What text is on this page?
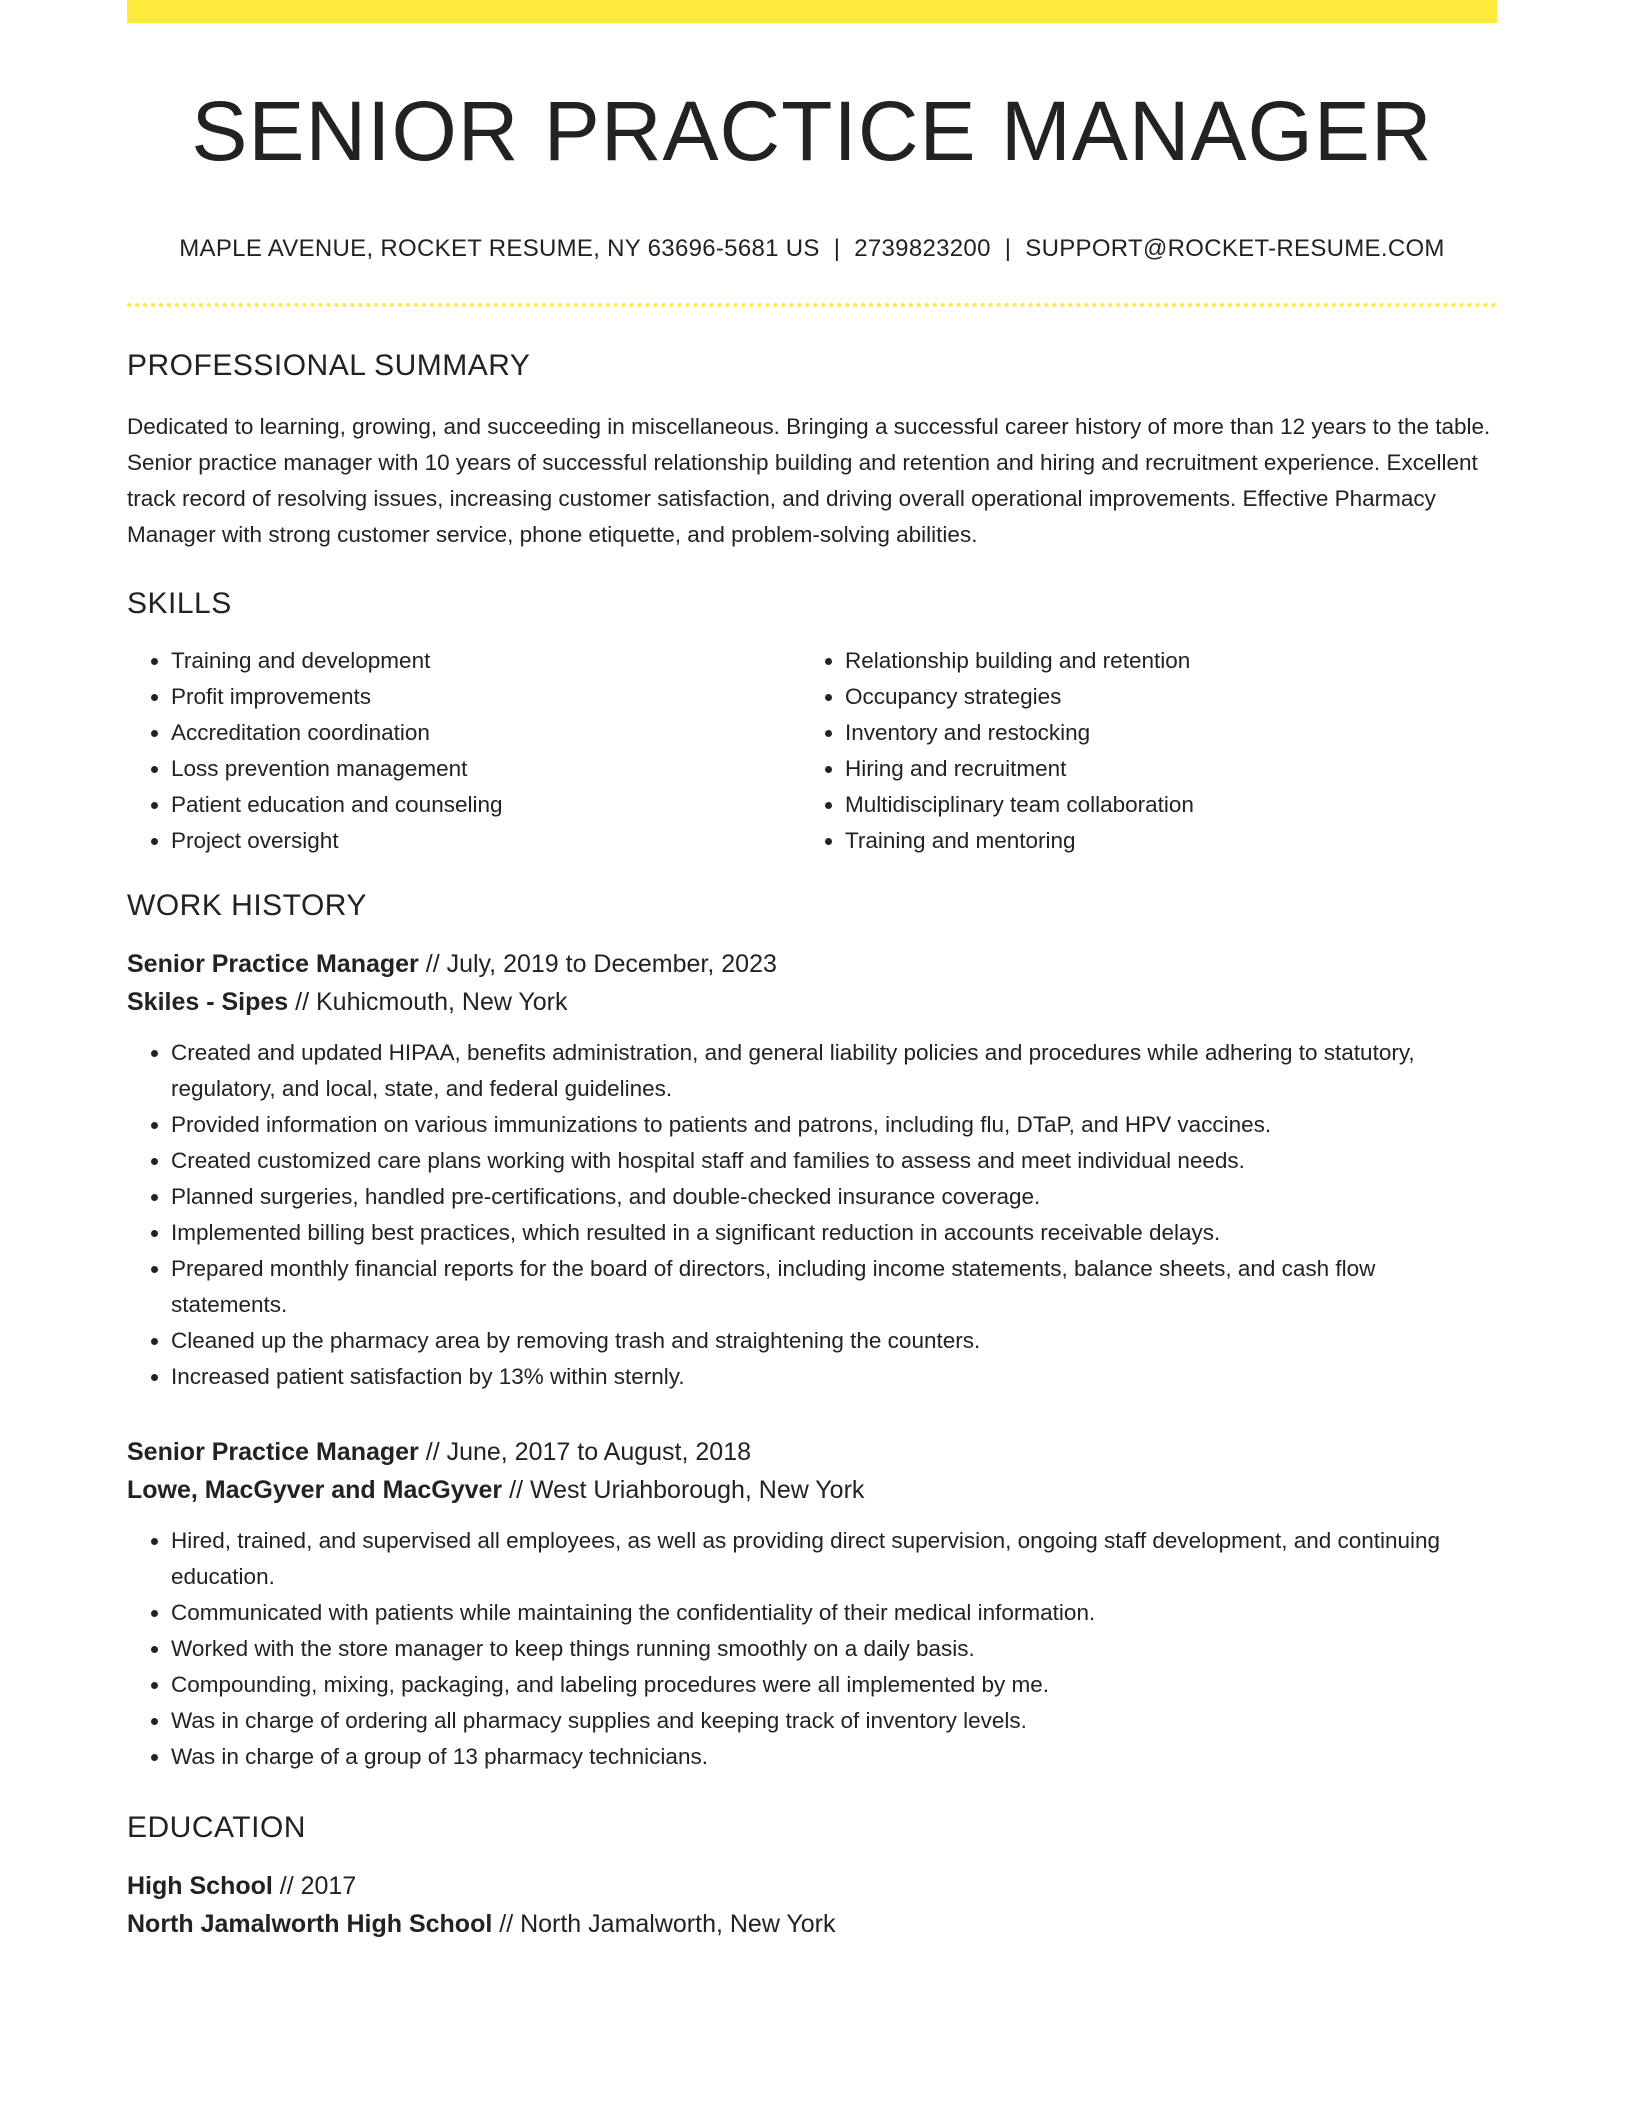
SENIOR PRACTICE MANAGER
MAPLE AVENUE, ROCKET RESUME, NY 63696-5681 US | 2739823200 | SUPPORT@ROCKET-RESUME.COM
PROFESSIONAL SUMMARY

Dedicated to learning, growing, and succeeding in miscellaneous. Bringing a successful career history of more than 12 years to the table. Senior practice manager with 10 years of successful relationship building and retention and hiring and recruitment experience. Excellent track record of resolving issues, increasing customer satisfaction, and driving overall operational improvements. Effective Pharmacy Manager with strong customer service, phone etiquette, and problem-solving abilities.

SKILLS
• Training and development
• Profit improvements
• Accreditation coordination
• Loss prevention management
• Patient education and counseling
• Project oversight
• Relationship building and retention
• Occupancy strategies
• Inventory and restocking
• Hiring and recruitment
• Multidisciplinary team collaboration
• Training and mentoring
WORK HISTORY
Senior Practice Manager // July, 2019 to December, 2023
Skiles - Sipes // Kuhicmouth, New York
• Created and updated HIPAA, benefits administration, and general liability policies and procedures while adhering to statutory, regulatory, and local, state, and federal guidelines.
• Provided information on various immunizations to patients and patrons, including flu, DTaP, and HPV vaccines.
• Created customized care plans working with hospital staff and families to assess and meet individual needs.
• Planned surgeries, handled pre-certifications, and double-checked insurance coverage.
• Implemented billing best practices, which resulted in a significant reduction in accounts receivable delays.
• Prepared monthly financial reports for the board of directors, including income statements, balance sheets, and cash flow statements.
• Cleaned up the pharmacy area by removing trash and straightening the counters.
• Increased patient satisfaction by 13% within sternly.
Senior Practice Manager // June, 2017 to August, 2018
Lowe, MacGyver and MacGyver // West Uriahborough, New York
• Hired, trained, and supervised all employees, as well as providing direct supervision, ongoing staff development, and continuing education.
• Communicated with patients while maintaining the confidentiality of their medical information.
• Worked with the store manager to keep things running smoothly on a daily basis.
• Compounding, mixing, packaging, and labeling procedures were all implemented by me.
• Was in charge of ordering all pharmacy supplies and keeping track of inventory levels.
• Was in charge of a group of 13 pharmacy technicians.
EDUCATION
High School // 2017
North Jamalworth High School // North Jamalworth, New York
